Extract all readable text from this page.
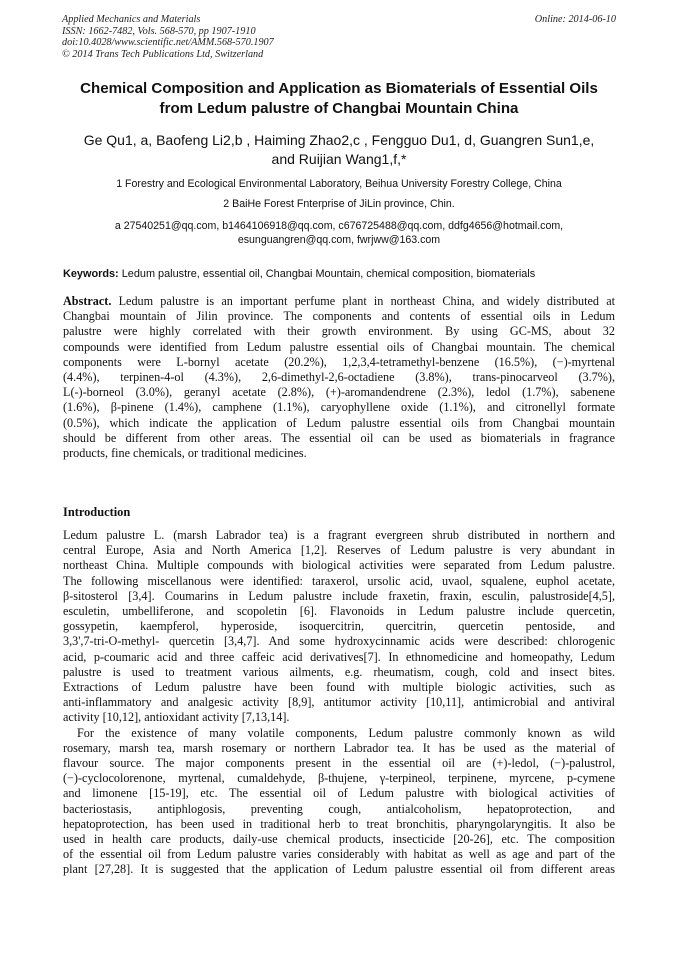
Applied Mechanics and Materials
ISSN: 1662-7482, Vols. 568-570, pp 1907-1910
doi:10.4028/www.scientific.net/AMM.568-570.1907
© 2014 Trans Tech Publications Ltd, Switzerland
Online: 2014-06-10
Chemical Composition and Application as Biomaterials of Essential Oils
from Ledum palustre of Changbai Mountain China
Ge Qu1, a, Baofeng Li2,b , Haiming Zhao2,c , Fengguo Du1, d, Guangren Sun1,e,
and Ruijian Wang1,f,*
1 Forestry and Ecological Environmental Laboratory, Beihua University Forestry College, China
2 BaiHe Forest Fnterprise of JiLin province, Chin.
a 27540251@qq.com, b1464106918@qq.com, c676725488@qq.com, ddfg4656@hotmail.com,
esunguangren@qq.com, fwrjww@163.com
Keywords: Ledum palustre, essential oil, Changbai Mountain, chemical composition, biomaterials
Abstract. Ledum palustre is an important perfume plant in northeast China, and widely distributed at
Changbai mountain of Jilin province. The components and contents of essential oils in Ledum
palustre were highly correlated with their growth environment. By using GC-MS, about 32
compounds were identified from Ledum palustre essential oils of Changbai mountain. The chemical
components were L-bornyl acetate (20.2%), 1,2,3,4-tetramethyl-benzene (16.5%), (−)-myrtenal
(4.4%), terpinen-4-ol (4.3%), 2,6-dimethyl-2,6-octadiene (3.8%), trans-pinocarveol (3.7%),
L(-)-borneol (3.0%), geranyl acetate (2.8%), (+)-aromandendrene (2.3%), ledol (1.7%), sabenene
(1.6%), β-pinene (1.4%), camphene (1.1%), caryophyllene oxide (1.1%), and citronellyl formate
(0.5%), which indicate the application of Ledum palustre essential oils from Changbai mountain
should be different from other areas. The essential oil can be used as biomaterials in fragrance
products, fine chemicals, or traditional medicines.
Introduction
Ledum palustre L. (marsh Labrador tea) is a fragrant evergreen shrub distributed in northern and
central Europe, Asia and North America [1,2]. Reserves of Ledum palustre is very abundant in
northeast China. Multiple compounds with biological activities were separated from Ledum palustre.
The following miscellanous were identified: taraxerol, ursolic acid, uvaol, squalene, euphol acetate,
β-sitosterol [3,4]. Coumarins in Ledum palustre include fraxetin, fraxin, esculin, palustroside[4,5],
esculetin, umbelliferone, and scopoletin [6]. Flavonoids in Ledum palustre include quercetin,
gossypetin, kaempferol, hyperoside, isoquercitrin, quercitrin, quercetin pentoside, and
3,3',7-tri-O-methyl- quercetin [3,4,7]. And some hydroxycinnamic acids were described: chlorogenic
acid, p-coumaric acid and three caffeic acid derivatives[7]. In ethnomedicine and homeopathy, Ledum
palustre is used to treatment various ailments, e.g. rheumatism, cough, cold and insect bites.
Extractions of Ledum palustre have been found with multiple biologic activities, such as
anti-inflammatory and analgesic activity [8,9], antitumor activity [10,11], antimicrobial and antiviral
activity [10,12], antioxidant activity [7,13,14].
For the existence of many volatile components, Ledum palustre commonly known as wild
rosemary, marsh tea, marsh rosemary or northern Labrador tea. It has be used as the material of
flavour source. The major components present in the essential oil are (+)-ledol, (−)-palustrol,
(−)-cyclocolorenone, myrtenal, cumaldehyde, β-thujene, γ-terpineol, terpinene, myrcene, p-cymene
and limonene [15-19], etc. The essential oil of Ledum palustre with biological activities of
bacteriostasis, antiphlogosis, preventing cough, antialcoholism, hepatoprotection, and
hepatoprotection, has been used in traditional herb to treat bronchitis, pharyngolaryngitis. It also be
used in health care products, daily-use chemical products, insecticide [20-26], etc. The composition
of the essential oil from Ledum palustre varies considerably with habitat as well as age and part of the
plant [27,28]. It is suggested that the application of Ledum palustre essential oil from different areas
